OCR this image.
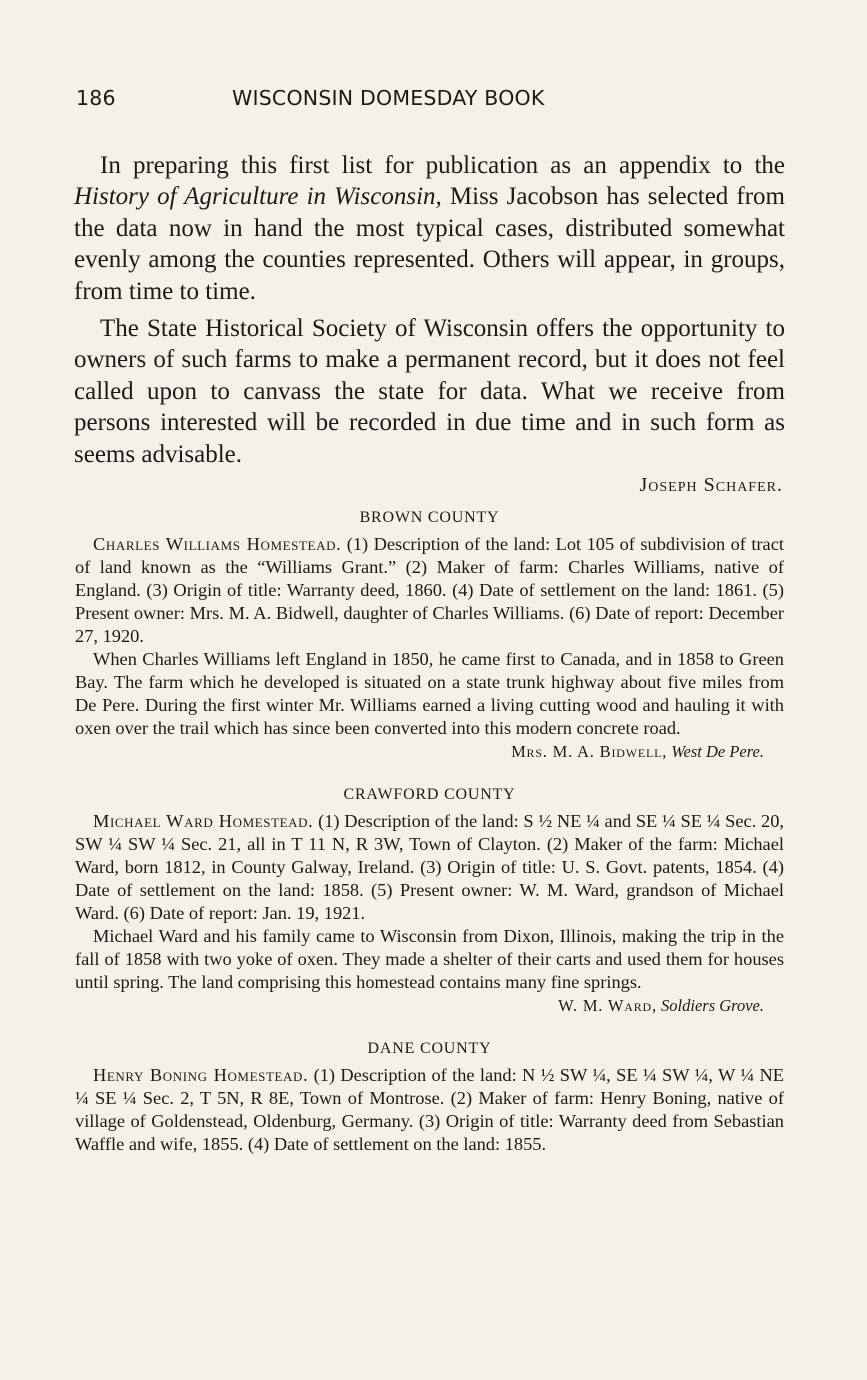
186	WISCONSIN DOMESDAY BOOK

In preparing this first list for publication as an appendix to the History of Agriculture in Wisconsin, Miss Jacobson has selected from the data now in hand the most typical cases, distributed somewhat evenly among the counties represented. Others will appear, in groups, from time to time.

The State Historical Society of Wisconsin offers the opportunity to owners of such farms to make a permanent record, but it does not feel called upon to canvass the state for data. What we receive from persons interested will be recorded in due time and in such form as seems advisable.

Joseph Schafer.

BROWN COUNTY

Charles Williams Homestead. (1) Description of the land: Lot 105 of subdivision of tract of land known as the “Williams Grant.” (2) Maker of farm: Charles Williams, native of England. (3) Origin of title: Warranty deed, 1860. (4) Date of settlement on the land: 1861. (5) Present owner: Mrs. M. A. Bidwell, daughter of Charles Williams. (6) Date of report: December 27, 1920.

When Charles Williams left England in 1850, he came first to Canada, and in 1858 to Green Bay. The farm which he developed is situated on a state trunk highway about five miles from De Pere. During the first winter Mr. Williams earned a living cutting wood and hauling it with oxen over the trail which has since been converted into this modern concrete road.

Mrs. M. A. Bidwell, West De Pere.

CRAWFORD COUNTY

Michael Ward Homestead. (1) Description of the land: S ½ NE ¼ and SE ¼ SE ¼ Sec. 20, SW ¼ SW ¼ Sec. 21, all in T 11 N, R 3W, Town of Clayton. (2) Maker of the farm: Michael Ward, born 1812, in County Galway, Ireland. (3) Origin of title: U. S. Govt. patents, 1854. (4) Date of settlement on the land: 1858. (5) Present owner: W. M. Ward, grandson of Michael Ward. (6) Date of report: Jan. 19, 1921.

Michael Ward and his family came to Wisconsin from Dixon, Illinois, making the trip in the fall of 1858 with two yoke of oxen. They made a shelter of their carts and used them for houses until spring. The land comprising this homestead contains many fine springs.

W. M. Ward, Soldiers Grove.

DANE COUNTY

Henry Boning Homestead. (1) Description of the land: N ½ SW ¼, SE ¼ SW ¼, W ¼ NE ¼ SE ¼ Sec. 2, T 5N, R 8E, Town of Montrose. (2) Maker of farm: Henry Boning, native of village of Goldenstead, Oldenburg, Germany. (3) Origin of title: Warranty deed from Sebastian Waffle and wife, 1855. (4) Date of settlement on the land: 1855.
